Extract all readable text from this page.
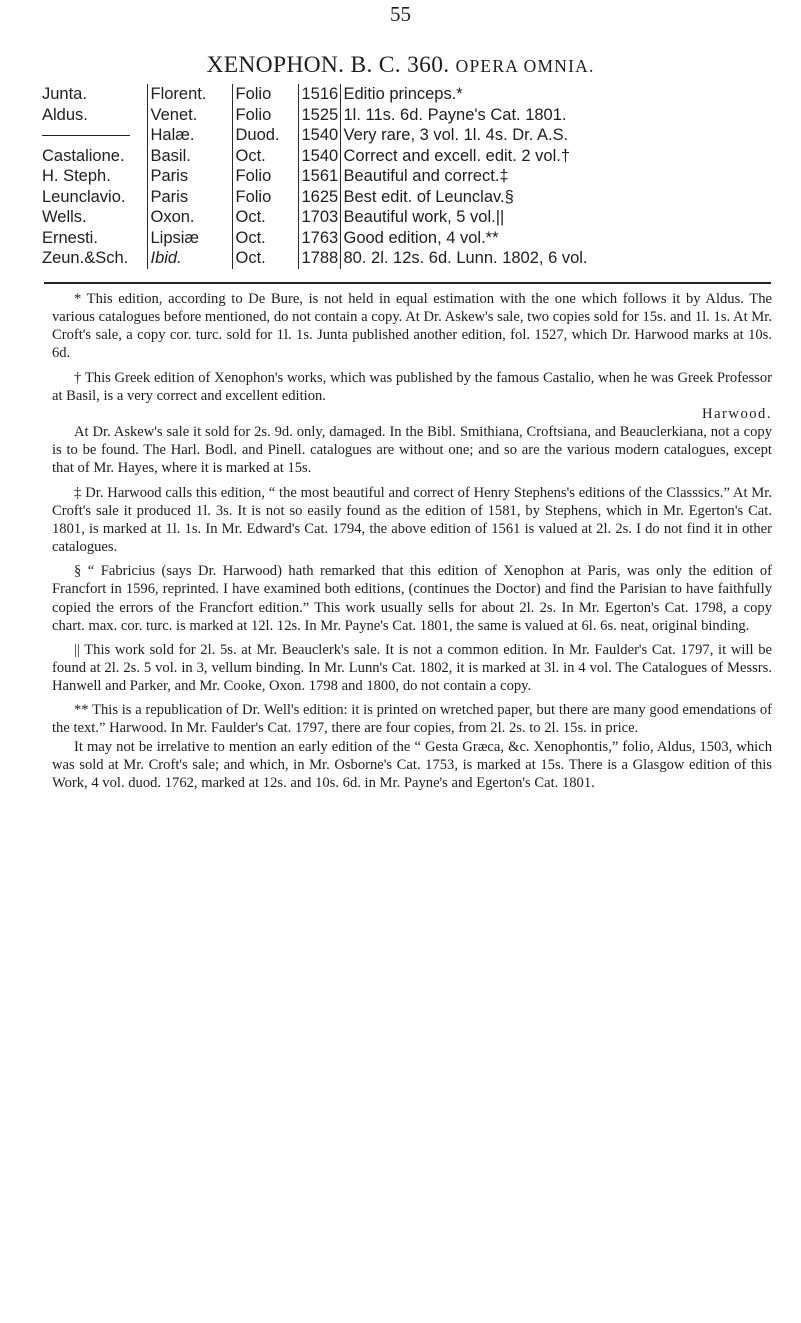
55
XENOPHON. B. C. 360. OPERA OMNIA.
Junta.	Florent.	Folio	1516	Editio princeps.*
Aldus.	Venet.	Folio	1525	1l. 11s. 6d. Payne's Cat. 1801.
	Halæ.	Duod.	1540	Very rare, 3 vol. 1l. 4s. Dr. A.S.
Castalione.	Basil.	Oct.	1540	Correct and excell. edit. 2 vol.†
H. Steph.	Paris	Folio	1561	Beautiful and correct.‡
Leunclavio.	Paris	Folio	1625	Best edit. of Leunclav.§
Wells.	Oxon.	Oct.	1703	Beautiful work, 5 vol.||
Ernesti.	Lipsiæ	Oct.	1763	Good edition, 4 vol.**
Zeun.&Sch.	Ibid.	Oct.	1788	80. 2l. 12s. 6d. Lunn. 1802, 6 vol.

* This edition, according to De Bure, is not held in equal estimation with the one which follows it by Aldus. The various catalogues before mentioned, do not contain a copy. At Dr. Askew's sale, two copies sold for 15s. and 1l. 1s. At Mr. Croft's sale, a copy cor. turc. sold for 1l. 1s. Junta published another edition, fol. 1527, which Dr. Harwood marks at 10s. 6d.

† This Greek edition of Xenophon's works, which was published by the famous Castalio, when he was Greek Professor at Basil, is a very correct and excellent edition.

Harwood.

At Dr. Askew's sale it sold for 2s. 9d. only, damaged. In the Bibl. Smithiana, Croftsiana, and Beauclerkiana, not a copy is to be found. The Harl. Bodl. and Pinell. catalogues are without one; and so are the various modern catalogues, except that of Mr. Hayes, where it is marked at 15s.

‡ Dr. Harwood calls this edition, “ the most beautiful and correct of Henry Stephens's editions of the Classsics.” At Mr. Croft's sale it produced 1l. 3s. It is not so easily found as the edition of 1581, by Stephens, which in Mr. Egerton's Cat. 1801, is marked at 1l. 1s. In Mr. Edward's Cat. 1794, the above edition of 1561 is valued at 2l. 2s. I do not find it in other catalogues.

§ “ Fabricius (says Dr. Harwood) hath remarked that this edition of Xenophon at Paris, was only the edition of Francfort in 1596, reprinted. I have examined both editions, (continues the Doctor) and find the Parisian to have faithfully copied the errors of the Francfort edition.” This work usually sells for about 2l. 2s. In Mr. Egerton's Cat. 1798, a copy chart. max. cor. turc. is marked at 12l. 12s. In Mr. Payne's Cat. 1801, the same is valued at 6l. 6s. neat, original binding.

|| This work sold for 2l. 5s. at Mr. Beauclerk's sale. It is not a common edition. In Mr. Faulder's Cat. 1797, it will be found at 2l. 2s. 5 vol. in 3, vellum binding. In Mr. Lunn's Cat. 1802, it is marked at 3l. in 4 vol. The Catalogues of Messrs. Hanwell and Parker, and Mr. Cooke, Oxon. 1798 and 1800, do not contain a copy.

** This is a republication of Dr. Well's edition: it is printed on wretched paper, but there are many good emendations of the text.” Harwood. In Mr. Faulder's Cat. 1797, there are four copies, from 2l. 2s. to 2l. 15s. in price.

It may not be irrelative to mention an early edition of the “ Gesta Græca, &c. Xenophontis,” folio, Aldus, 1503, which was sold at Mr. Croft's sale; and which, in Mr. Osborne's Cat. 1753, is marked at 15s. There is a Glasgow edition of this Work, 4 vol. duod. 1762, marked at 12s. and 10s. 6d. in Mr. Payne's and Egerton's Cat. 1801.
